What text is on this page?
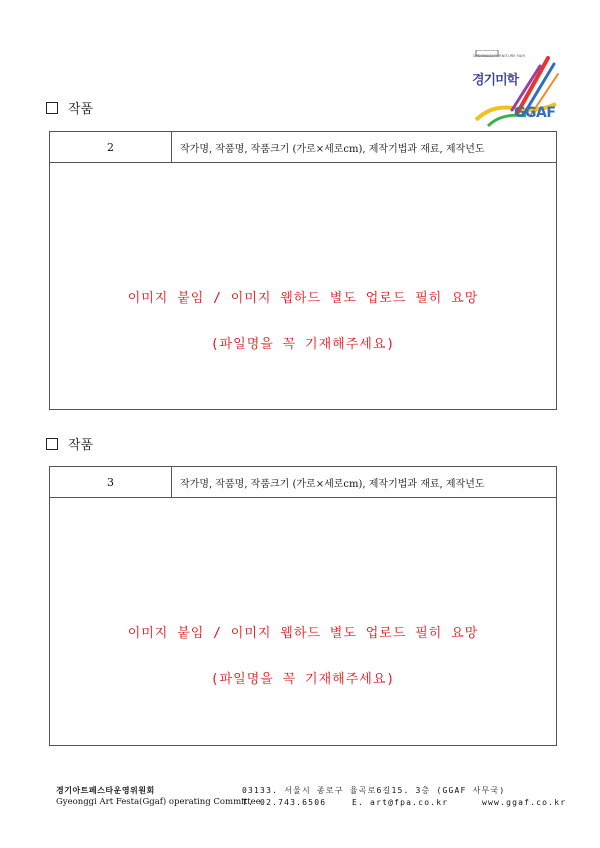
GYEONGGI FURNITURE FAIR
경기미학
GGAF
작품
2	작가명, 작품명, 작품크기 (가로×세로cm), 제작기법과 재료, 제작년도
이미지 붙임 / 이미지 웹하드 별도 업로드 필히 요망
(파일명을 꼭 기재해주세요)
작품
3	작가명, 작품명, 작품크기 (가로×세로cm), 제작기법과 재료, 제작년도
이미지 붙임 / 이미지 웹하드 별도 업로드 필히 요망
(파일명을 꼭 기재해주세요)
경기아트페스타운영위원회	03133. 서울시 종로구 율곡로6길15. 3층 (GGAF 사무국)
Gyeonggi Art Festa(Ggaf) operating Committee
T. 02.743.6506	E. art@fpa.co.kr	www.ggaf.co.kr
